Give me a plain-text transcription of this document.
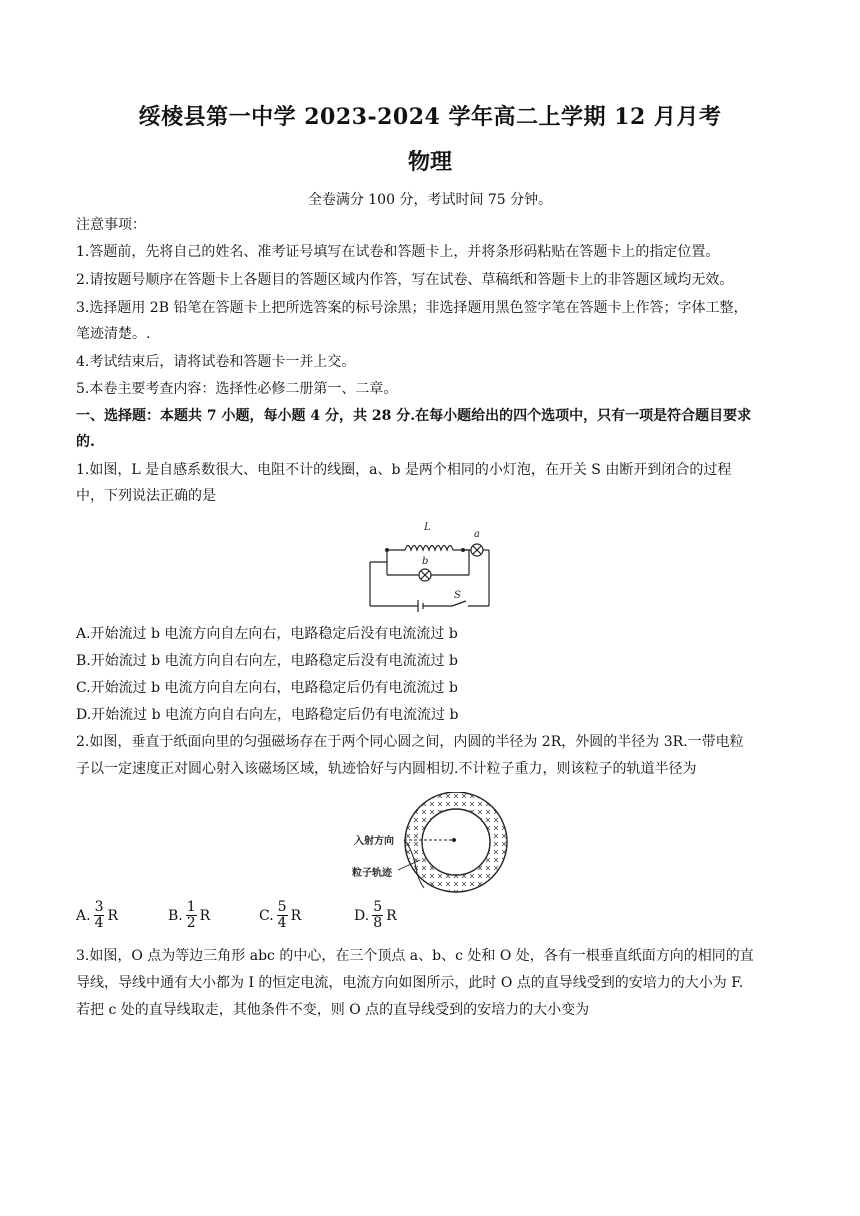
绥棱县第一中学 2023-2024 学年高二上学期 12 月月考
物理
全卷满分 100 分，考试时间 75 分钟。
注意事项：
1.答题前，先将自己的姓名、准考证号填写在试卷和答题卡上，并将条形码粘贴在答题卡上的指定位置。
2.请按题号顺序在答题卡上各题目的答题区域内作答，写在试卷、草稿纸和答题卡上的非答题区域均无效。
3.选择题用 2B 铅笔在答题卡上把所选答案的标号涂黑；非选择题用黑色签字笔在答题卡上作答；字体工整，
笔迹清楚。.
4.考试结束后，请将试卷和答题卡一并上交。
5.本卷主要考查内容：选择性必修二册第一、二章。
一、选择题：本题共 7 小题，每小题 4 分，共 28 分.在每小题给出的四个选项中，只有一项是符合题目要求
的.
1.如图，L 是自感系数很大、电阻不计的线圈，a、b 是两个相同的小灯泡，在开关 S 由断开到闭合的过程
中，下列说法正确的是
L
a
b
S
A.开始流过 b 电流方向自左向右，电路稳定后没有电流流过 b
B.开始流过 b 电流方向自右向左，电路稳定后没有电流流过 b
C.开始流过 b 电流方向自左向右，电路稳定后仍有电流流过 b
D.开始流过 b 电流方向自右向左，电路稳定后仍有电流流过 b
2.如图，垂直于纸面向里的匀强磁场存在于两个同心圆之间，内圆的半径为 2R，外圆的半径为 3R.一带电粒
子以一定速度正对圆心射入该磁场区域，轨迹恰好与内圆相切.不计粒子重力，则该粒子的轨道半径为
入射方向
粒子轨迹
A. $\frac{3}{4}$ R	B. $\frac{1}{2}$ R	C. $\frac{5}{4}$ R	D. $\frac{5}{8}$ R
3.如图，O 点为等边三角形 abc 的中心，在三个顶点 a、b、c 处和 O 处，各有一根垂直纸面方向的相同的直
导线，导线中通有大小都为 I 的恒定电流，电流方向如图所示，此时 O 点的直导线受到的安培力的大小为 F.
若把 c 处的直导线取走，其他条件不变，则 O 点的直导线受到的安培力的大小变为
